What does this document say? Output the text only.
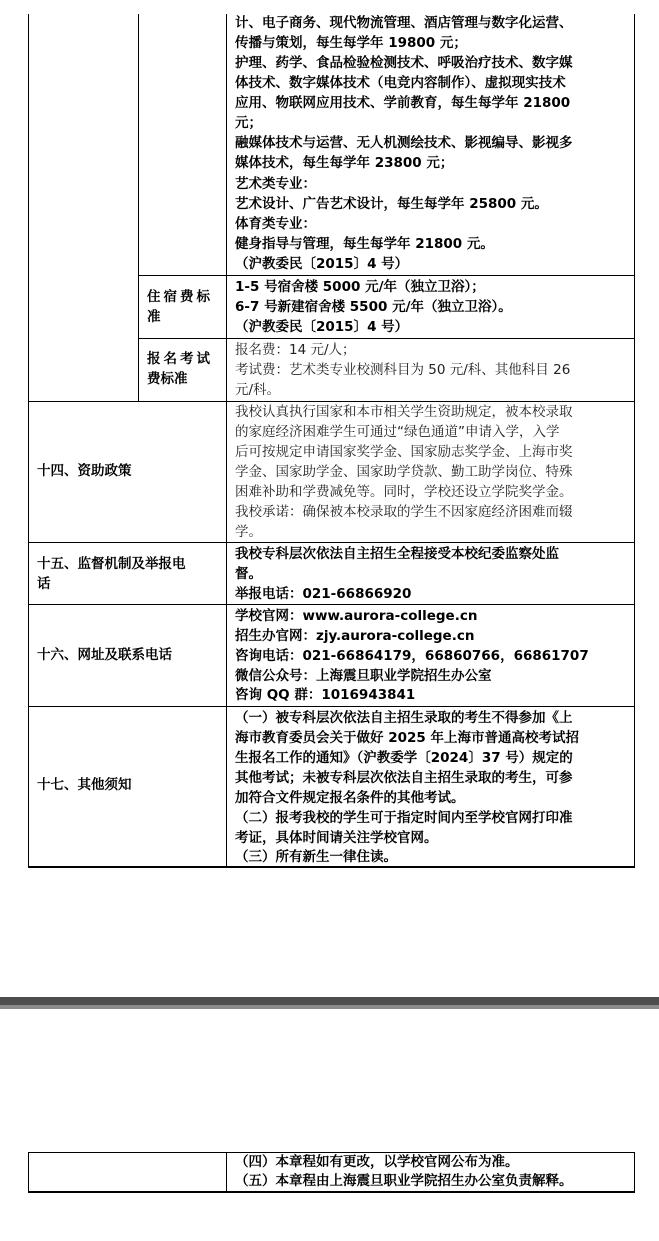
计、电子商务、现代物流管理、酒店管理与数字化运营、
传播与策划，每生每学年 19800 元；
护理、药学、食品检验检测技术、呼吸治疗技术、数字媒
体技术、数字媒体技术（电竞内容制作）、虚拟现实技术
应用、物联网应用技术、学前教育，每生每学年 21800
元；
融媒体技术与运营、无人机测绘技术、影视编导、影视多
媒体技术，每生每学年 23800 元；
艺术类专业：
艺术设计、广告艺术设计，每生每学年 25800 元。
体育类专业：
健身指导与管理，每生每学年 21800 元。
（沪教委民〔2015〕4 号）
住宿费标
准
1-5 号宿舍楼 5000 元/年（独立卫浴）；
6-7 号新建宿舍楼 5500 元/年（独立卫浴）。
（沪教委民〔2015〕4 号）
报名考试
费标准
报名费：14 元/人；
考试费：艺术类专业校测科目为 50 元/科、其他科目 26
元/科。
十四、资助政策
我校认真执行国家和本市相关学生资助规定，被本校录取
的家庭经济困难学生可通过“绿色通道”申请入学，入学
后可按规定申请国家奖学金、国家励志奖学金、上海市奖
学金、国家助学金、国家助学贷款、勤工助学岗位、特殊
困难补助和学费减免等。同时，学校还设立学院奖学金。
我校承诺：确保被本校录取的学生不因家庭经济困难而辍
学。
十五、监督机制及举报电
话
我校专科层次依法自主招生全程接受本校纪委监察处监
督。
举报电话：021-66866920
十六、网址及联系电话
学校官网：www.aurora-college.cn
招生办官网：zjy.aurora-college.cn
咨询电话：021-66864179，66860766，66861707
微信公众号：上海震旦职业学院招生办公室
咨询 QQ 群：1016943841
十七、其他须知
（一）被专科层次依法自主招生录取的考生不得参加《上
海市教育委员会关于做好 2025 年上海市普通高校考试招
生报名工作的通知》（沪教委学〔2024〕37 号）规定的
其他考试；未被专科层次依法自主招生录取的考生，可参
加符合文件规定报名条件的其他考试。
（二）报考我校的学生可于指定时间内至学校官网打印准
考证，具体时间请关注学校官网。
（三）所有新生一律住读。
（四）本章程如有更改，以学校官网公布为准。
（五）本章程由上海震旦职业学院招生办公室负责解释。
